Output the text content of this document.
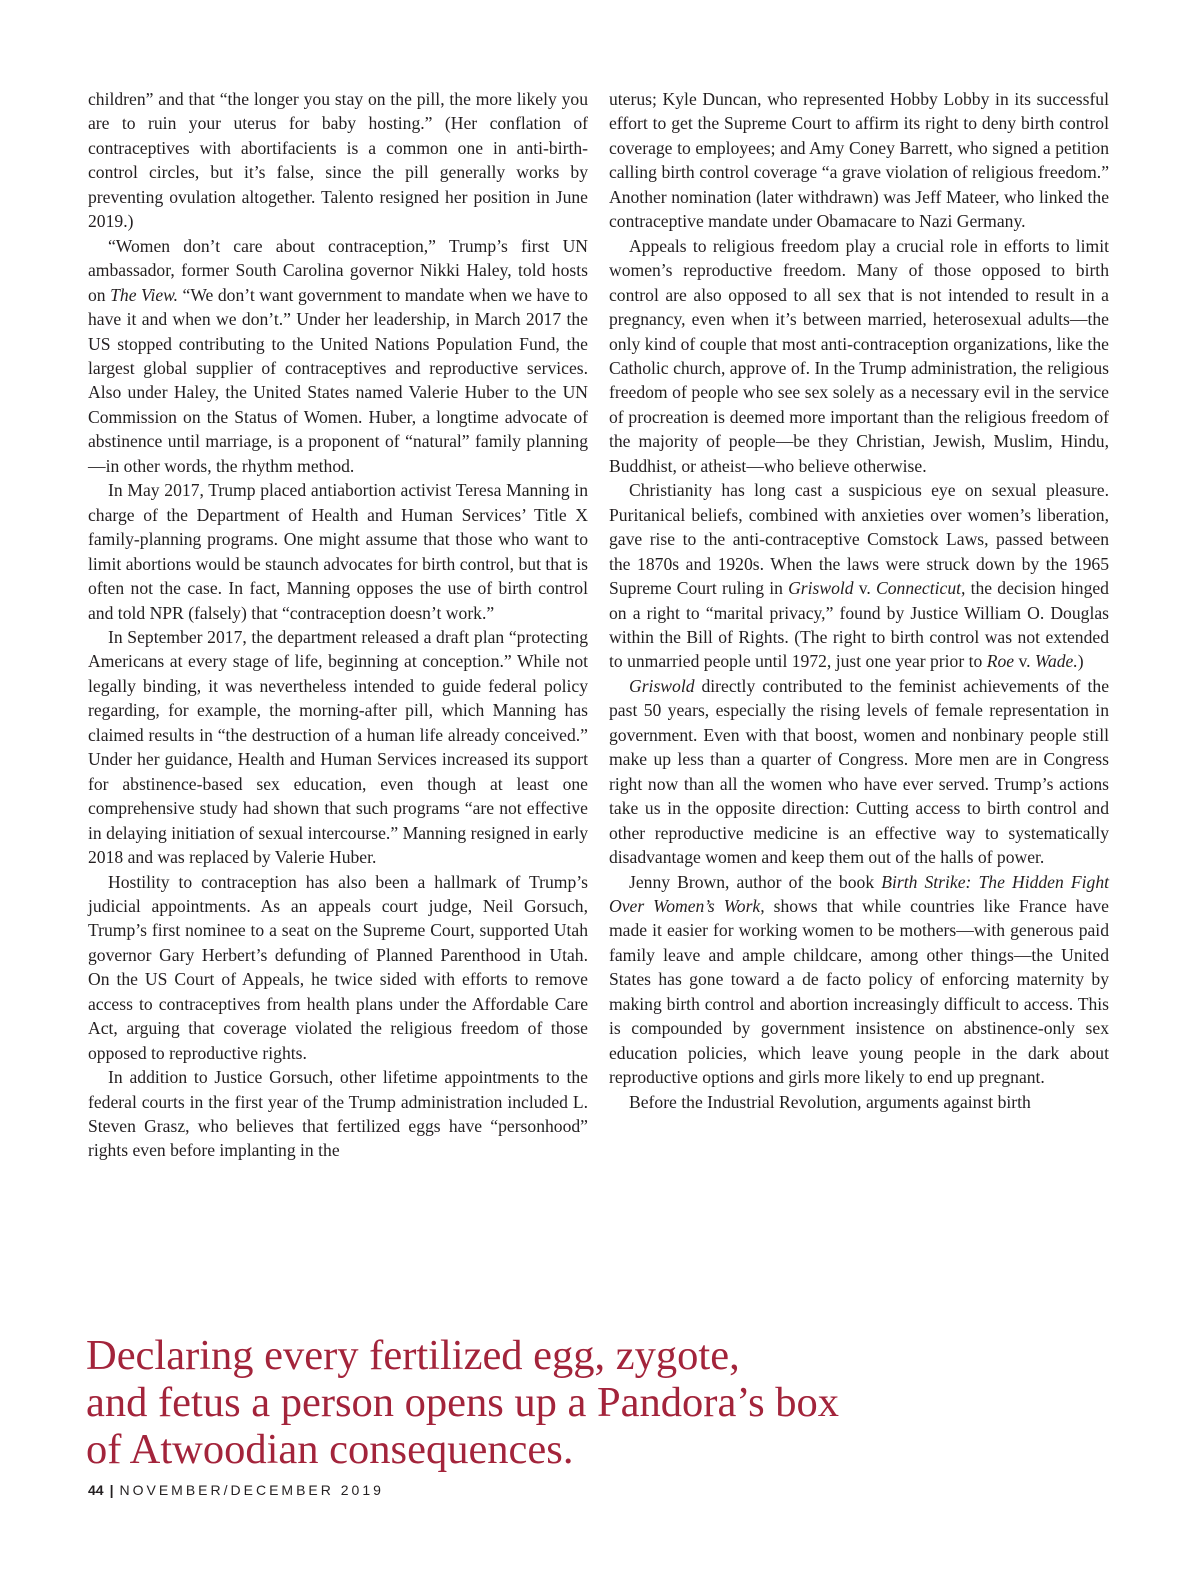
children” and that “the longer you stay on the pill, the more likely you are to ruin your uterus for baby hosting.” (Her conflation of contraceptives with abortifacients is a common one in anti-birth-control circles, but it’s false, since the pill generally works by preventing ovulation altogether. Talento resigned her position in June 2019.)

“Women don’t care about contraception,” Trump’s first UN ambassador, former South Carolina governor Nikki Haley, told hosts on The View. “We don’t want government to mandate when we have to have it and when we don’t.” Under her leadership, in March 2017 the US stopped contributing to the United Nations Population Fund, the largest global supplier of contraceptives and reproductive services. Also under Haley, the United States named Valerie Huber to the UN Commission on the Status of Women. Huber, a longtime advocate of abstinence until marriage, is a proponent of “natural” family planning—in other words, the rhythm method.

In May 2017, Trump placed antiabortion activist Teresa Manning in charge of the Department of Health and Human Services’ Title X family-planning programs. One might assume that those who want to limit abortions would be staunch advocates for birth control, but that is often not the case. In fact, Manning opposes the use of birth control and told NPR (falsely) that “contraception doesn’t work.”

In September 2017, the department released a draft plan “protecting Americans at every stage of life, beginning at conception.” While not legally binding, it was nevertheless intended to guide federal policy regarding, for example, the morning-after pill, which Manning has claimed results in “the destruction of a human life already conceived.” Under her guidance, Health and Human Services increased its support for abstinence-based sex education, even though at least one comprehensive study had shown that such programs “are not effective in delaying initiation of sexual intercourse.” Manning resigned in early 2018 and was replaced by Valerie Huber.

Hostility to contraception has also been a hallmark of Trump’s judicial appointments. As an appeals court judge, Neil Gorsuch, Trump’s first nominee to a seat on the Supreme Court, supported Utah governor Gary Herbert’s defunding of Planned Parenthood in Utah. On the US Court of Appeals, he twice sided with efforts to remove access to contraceptives from health plans under the Affordable Care Act, arguing that coverage violated the religious freedom of those opposed to reproductive rights.

In addition to Justice Gorsuch, other lifetime appointments to the federal courts in the first year of the Trump administration included L. Steven Grasz, who believes that fertilized eggs have “personhood” rights even before implanting in the

uterus; Kyle Duncan, who represented Hobby Lobby in its successful effort to get the Supreme Court to affirm its right to deny birth control coverage to employees; and Amy Coney Barrett, who signed a petition calling birth control coverage “a grave violation of religious freedom.” Another nomination (later withdrawn) was Jeff Mateer, who linked the contraceptive mandate under Obamacare to Nazi Germany.

Appeals to religious freedom play a crucial role in efforts to limit women’s reproductive freedom. Many of those opposed to birth control are also opposed to all sex that is not intended to result in a pregnancy, even when it’s between married, heterosexual adults—the only kind of couple that most anti-contraception organizations, like the Catholic church, approve of. In the Trump administration, the religious freedom of people who see sex solely as a necessary evil in the service of procreation is deemed more important than the religious freedom of the majority of people—be they Christian, Jewish, Muslim, Hindu, Buddhist, or atheist—who believe otherwise.

Christianity has long cast a suspicious eye on sexual pleasure. Puritanical beliefs, combined with anxieties over women’s liberation, gave rise to the anti-contraceptive Comstock Laws, passed between the 1870s and 1920s. When the laws were struck down by the 1965 Supreme Court ruling in Griswold v. Connecticut, the decision hinged on a right to “marital privacy,” found by Justice William O. Douglas within the Bill of Rights. (The right to birth control was not extended to unmarried people until 1972, just one year prior to Roe v. Wade.)

Griswold directly contributed to the feminist achievements of the past 50 years, especially the rising levels of female representation in government. Even with that boost, women and nonbinary people still make up less than a quarter of Congress. More men are in Congress right now than all the women who have ever served. Trump’s actions take us in the opposite direction: Cutting access to birth control and other reproductive medicine is an effective way to systematically disadvantage women and keep them out of the halls of power.

Jenny Brown, author of the book Birth Strike: The Hidden Fight Over Women’s Work, shows that while countries like France have made it easier for working women to be mothers—with generous paid family leave and ample childcare, among other things—the United States has gone toward a de facto policy of enforcing maternity by making birth control and abortion increasingly difficult to access. This is compounded by government insistence on abstinence-only sex education policies, which leave young people in the dark about reproductive options and girls more likely to end up pregnant.

Before the Industrial Revolution, arguments against birth

Declaring every fertilized egg, zygote,
and fetus a person opens up a Pandora’s box
of Atwoodian consequences.
44 | NOVEMBER/DECEMBER 2019
